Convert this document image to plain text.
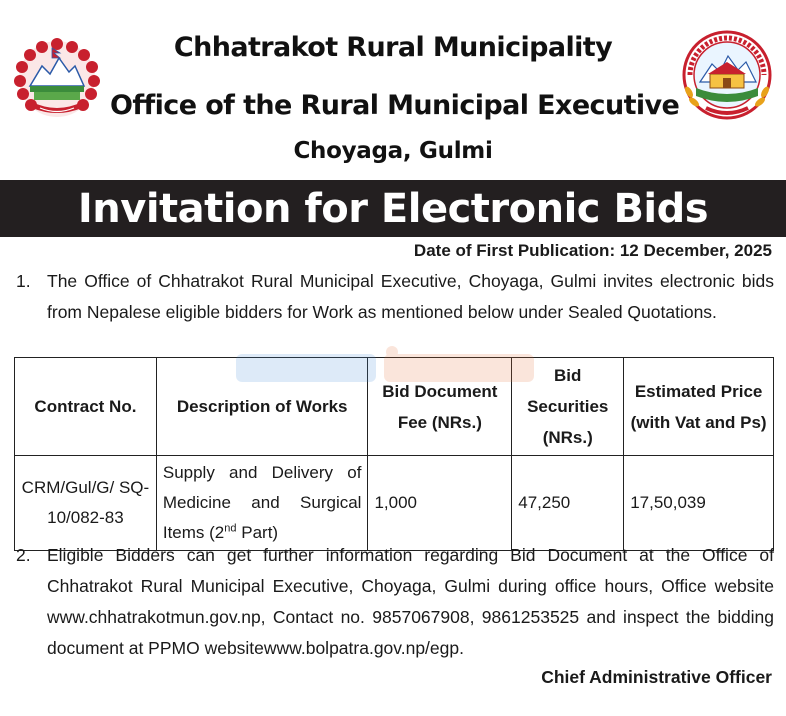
Chhatrakot Rural Municipality
Office of the Rural Municipal Executive
Choyaga, Gulmi
Invitation for Electronic Bids
Date of First Publication: 12 December, 2025
1. The Office of Chhatrakot Rural Municipal Executive, Choyaga, Gulmi invites electronic bids from Nepalese eligible bidders for Work as mentioned below under Sealed Quotations.
Contract No.	Description of Works	Bid Document Fee (NRs.)	Bid Securities (NRs.)	Estimated Price (with Vat and Ps)
CRM/Gul/G/ SQ-10/082-83	Supply and Delivery of Medicine and Surgical Items (2nd Part)	1,000	47,250	17,50,039
2. Eligible Bidders can get further information regarding Bid Document at the Office of Chhatrakot Rural Municipal Executive, Choyaga, Gulmi during office hours, Office website www.chhatrakotmun.gov.np, Contact no. 9857067908, 9861253525 and inspect the bidding document at PPMO websitewww.bolpatra.gov.np/egp.
Chief Administrative Officer
